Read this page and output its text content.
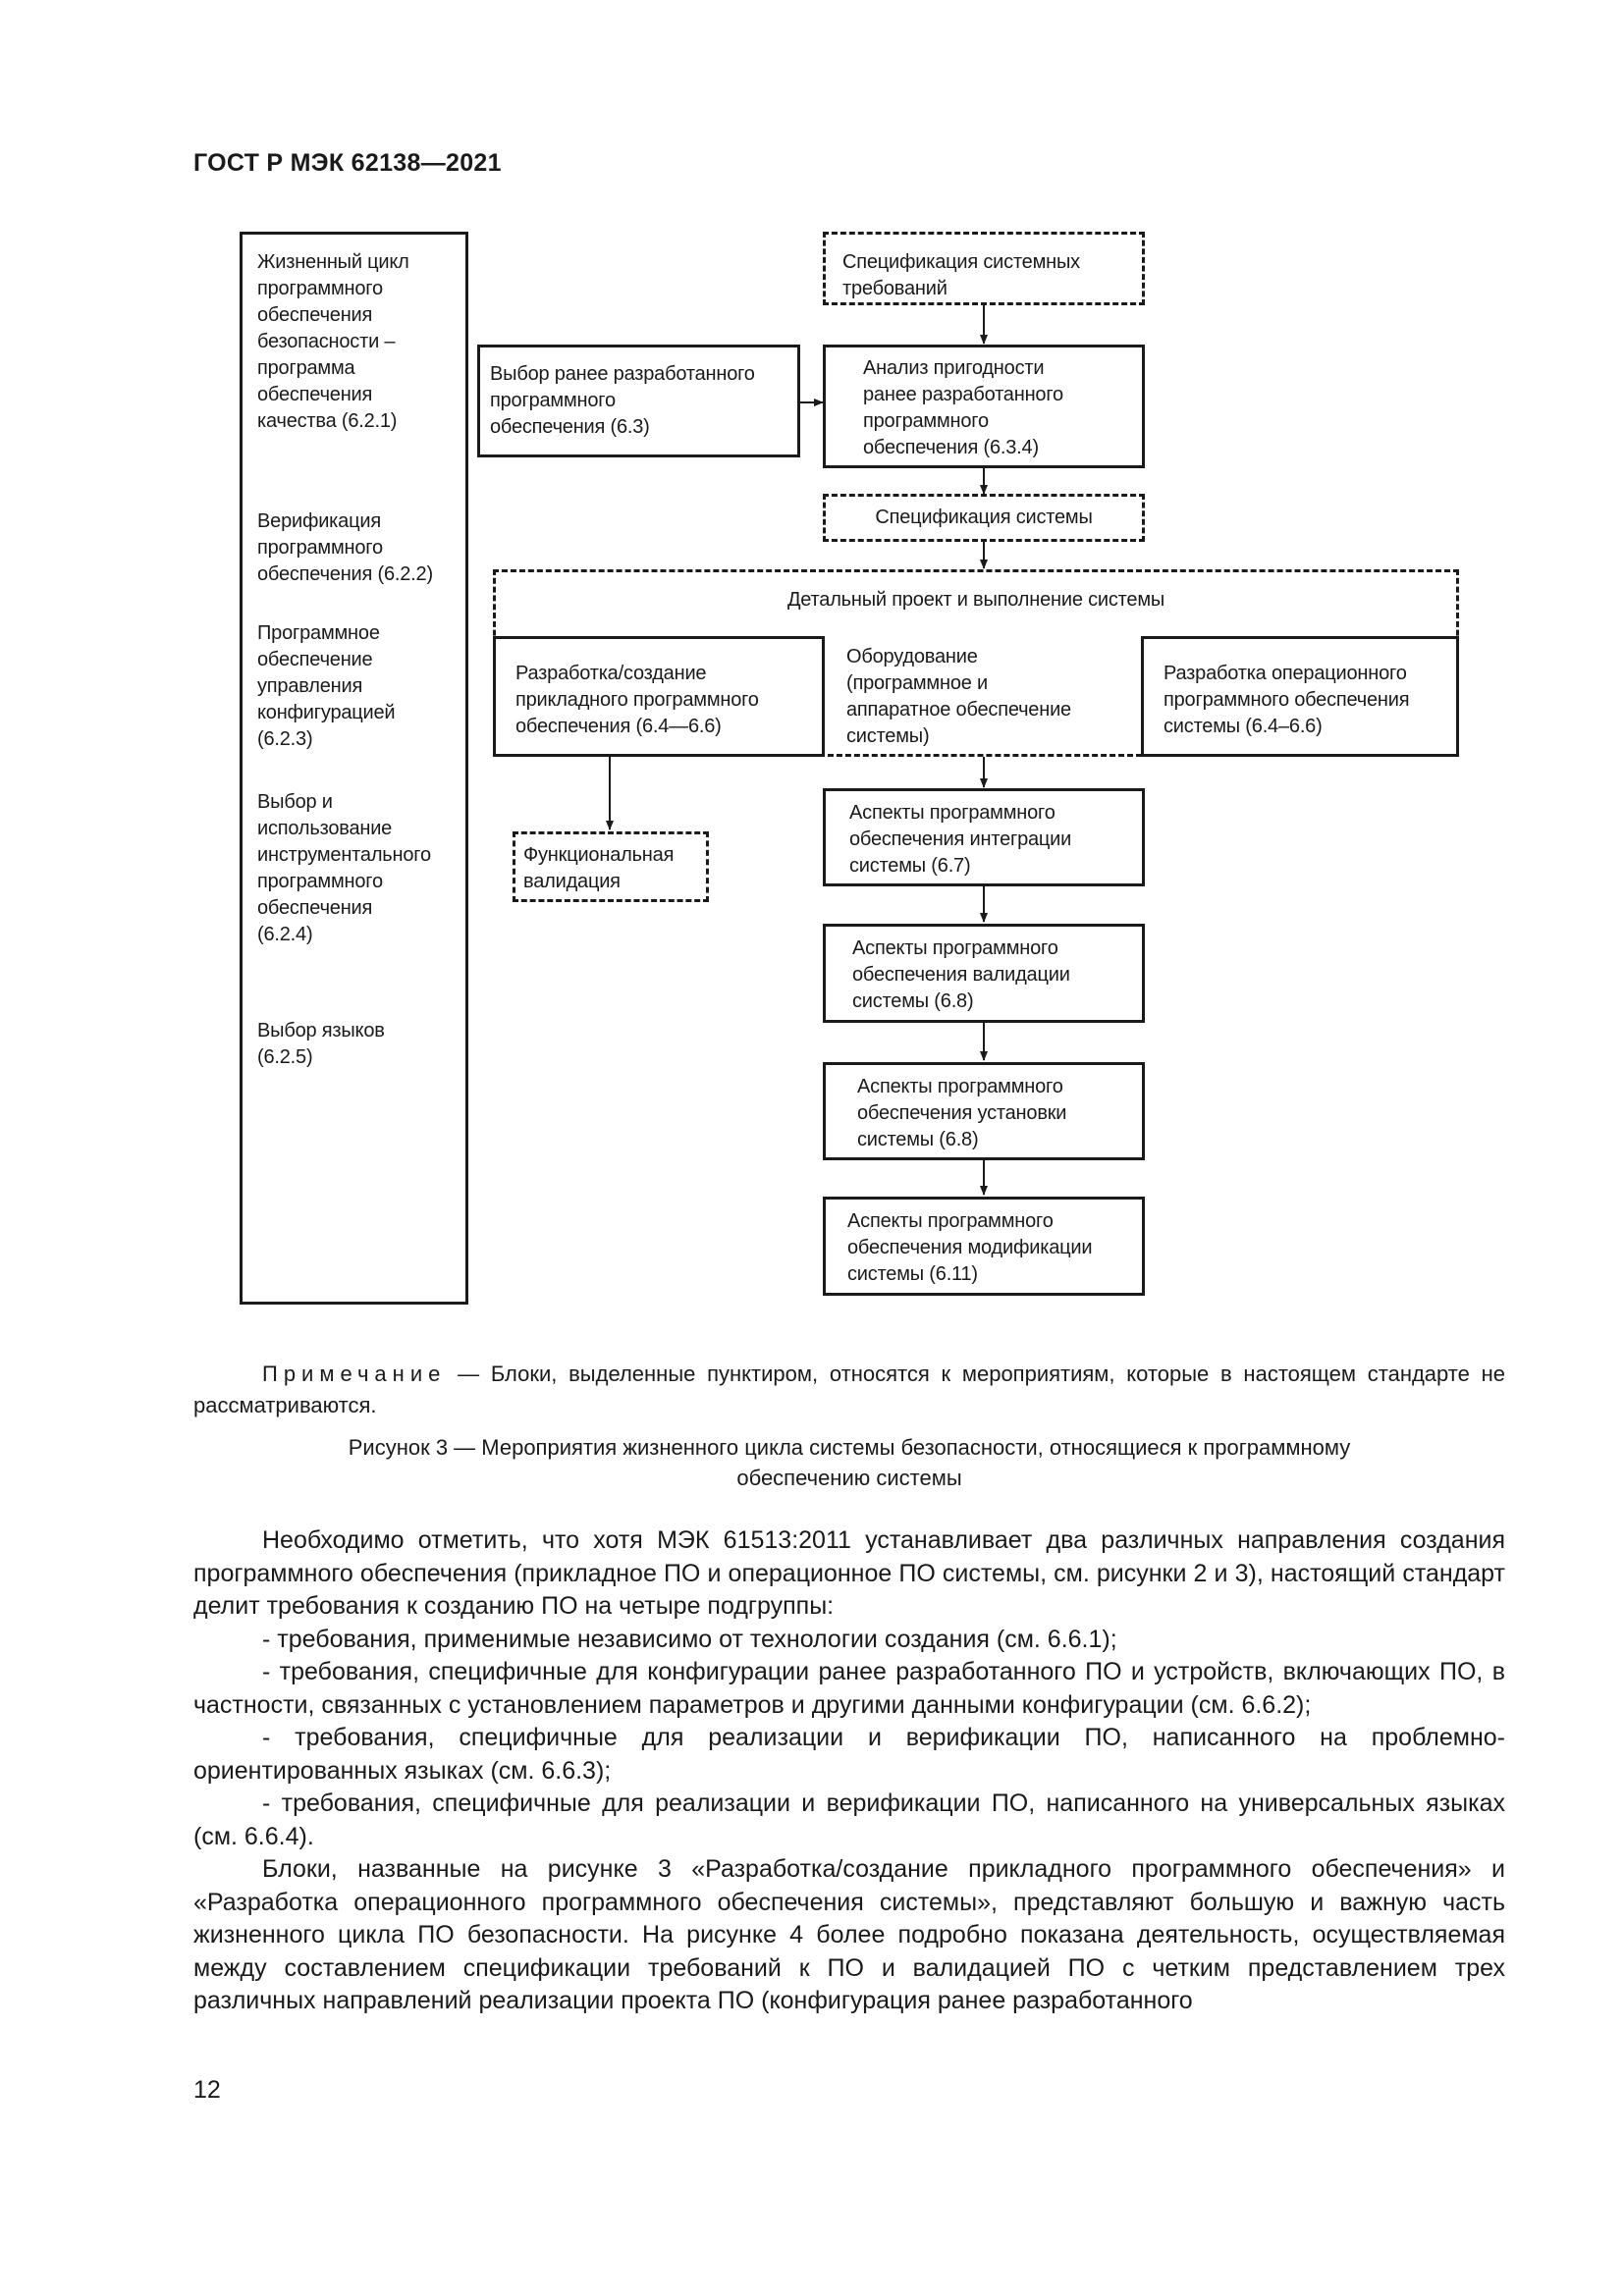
ГОСТ Р МЭК 62138—2021
Жизненный цикл
программного
обеспечения
безопасности –
программа
обеспечения
качества (6.2.1)
Верификация
программного
обеспечения (6.2.2)
Программное
обеспечение
управления
конфигурацией
(6.2.3)
Выбор и
использование
инструментального
программного
обеспечения
(6.2.4)
Выбор языков
(6.2.5)
Спецификация системных
требований
Выбор ранее разработанного
программного
обеспечения (6.3)
Анализ пригодности
ранее разработанного
программного
обеспечения (6.3.4)
Спецификация системы
Детальный проект и выполнение системы
Разработка/создание
прикладного программного
обеспечения (6.4—6.6)
Оборудование
(программное и
аппаратное обеспечение
системы)
Разработка операционного
программного обеспечения
системы (6.4–6.6)
Функциональная
валидация
Аспекты программного
обеспечения интеграции
системы (6.7)
Аспекты программного
обеспечения валидации
системы (6.8)
Аспекты программного
обеспечения установки
системы (6.8)
Аспекты программного
обеспечения модификации
системы (6.11)
Примечание — Блоки, выделенные пунктиром, относятся к мероприятиям, которые в настоящем стандарте не рассматриваются.
Рисунок 3 — Мероприятия жизненного цикла системы безопасности, относящиеся к программному
обеспечению системы

Необходимо отметить, что хотя МЭК 61513:2011 устанавливает два различных направления создания программного обеспечения (прикладное ПО и операционное ПО системы, см. рисунки 2 и 3), настоящий стандарт делит требования к созданию ПО на четыре подгруппы:

- требования, применимые независимо от технологии создания (см. 6.6.1);

- требования, специфичные для конфигурации ранее разработанного ПО и устройств, включающих ПО, в частности, связанных с установлением параметров и другими данными конфигурации (см. 6.6.2);

- требования, специфичные для реализации и верификации ПО, написанного на проблемно-ориентированных языках (см. 6.6.3);

- требования, специфичные для реализации и верификации ПО, написанного на универсальных языках (см. 6.6.4).

Блоки, названные на рисунке 3 «Разработка/создание прикладного программного обеспечения» и «Разработка операционного программного обеспечения системы», представляют большую и важную часть жизненного цикла ПО безопасности. На рисунке 4 более подробно показана деятельность, осуществляемая между составлением спецификации требований к ПО и валидацией ПО с четким представлением трех различных направлений реализации проекта ПО (конфигурация ранее разработанного

12
